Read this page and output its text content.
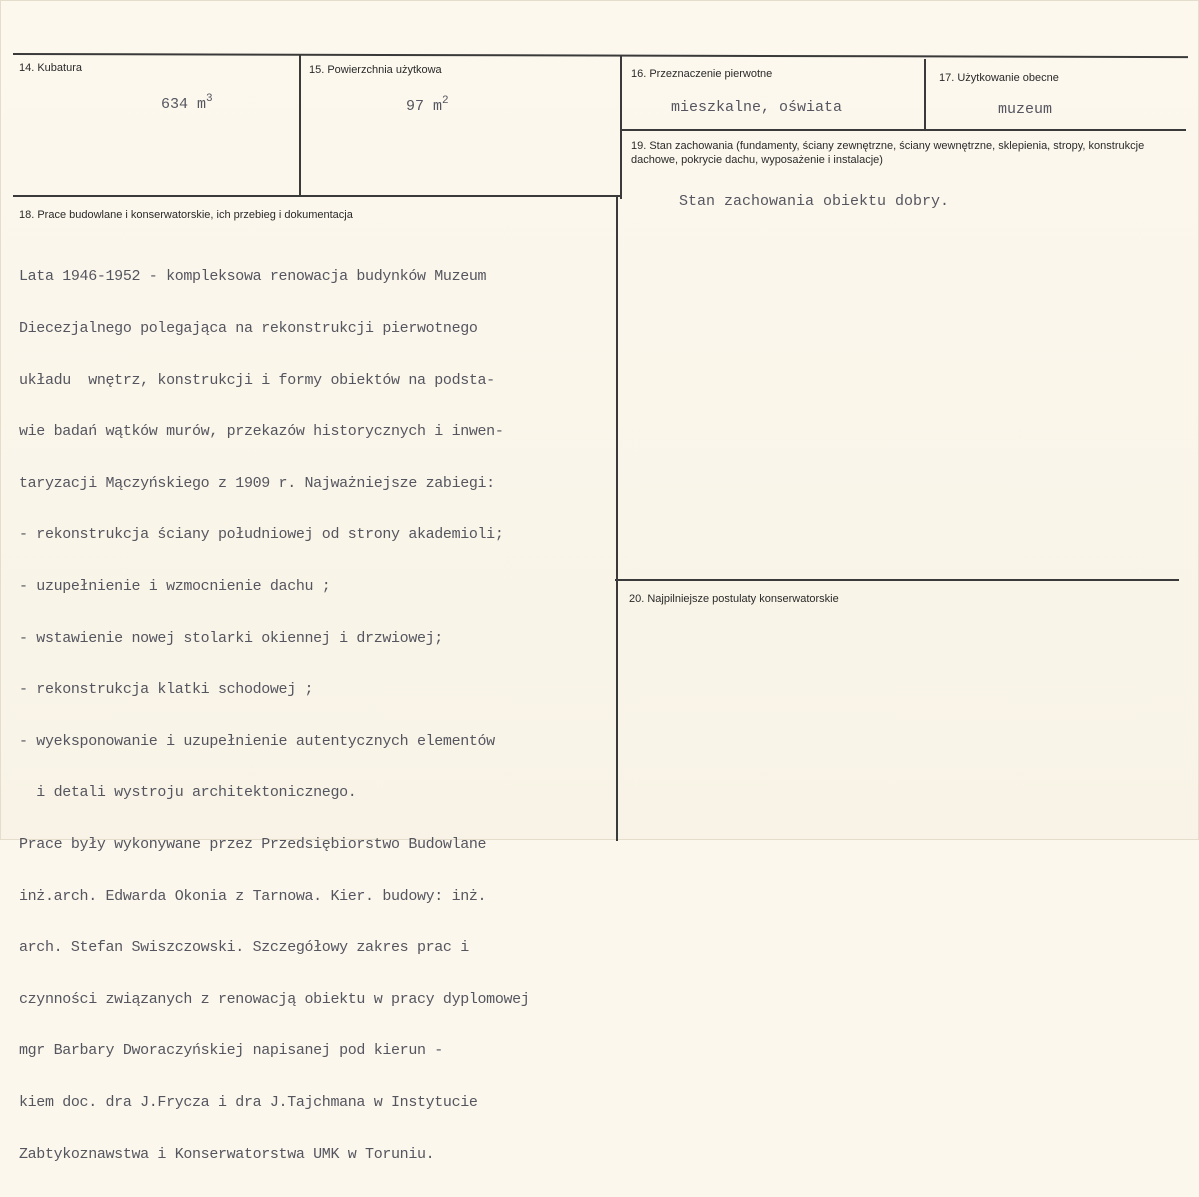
14. Kubatura
634 $m^3$
15. Powierzchnia użytkowa
97 $m^2$
16. Przeznaczenie pierwotne
mieszkalne, oświata
17. Użytkowanie obecne
muzeum
18. Prace budowlane i konserwatorskie, ich przebieg i dokumentacja

Lata 1946-1952 - kompleksowa renowacja budynków Muzeum

Diecezjalnego polegająca na rekonstrukcji pierwotnego

układu  wnętrz, konstrukcji i formy obiektów na podsta-

wie badań wątków murów, przekazów historycznych i inwen-

taryzacji Mączyńskiego z 1909 r. Najważniejsze zabiegi:

- rekonstrukcja ściany południowej od strony akademioli;

- uzupełnienie i wzmocnienie dachu ;

- wstawienie nowej stolarki okiennej i drzwiowej;

- rekonstrukcja klatki schodowej ;

- wyeksponowanie i uzupełnienie autentycznych elementów

i detali wystroju architektonicznego.

Prace były wykonywane przez Przedsiębiorstwo Budowlane

inż.arch. Edwarda Okonia z Tarnowa. Kier. budowy: inż.

arch. Stefan Swiszczowski. Szczegółowy zakres prac i

czynności związanych z renowacją obiektu w pracy dyplomowej

mgr Barbary Dworaczyńskiej napisanej pod kierun -

kiem doc. dra J.Frycza i dra J.Tajchmana w Instytucie

Zabtykoznawstwa i Konserwatorstwa UMK w Toruniu.

19. Stan zachowania (fundamenty, ściany zewnętrzne, ściany wewnętrzne, sklepienia, stropy, konstrukcje dachowe, pokrycie dachu, wyposażenie i instalacje)
Stan zachowania obiektu dobry.
20. Najpilniejsze postulaty konserwatorskie
